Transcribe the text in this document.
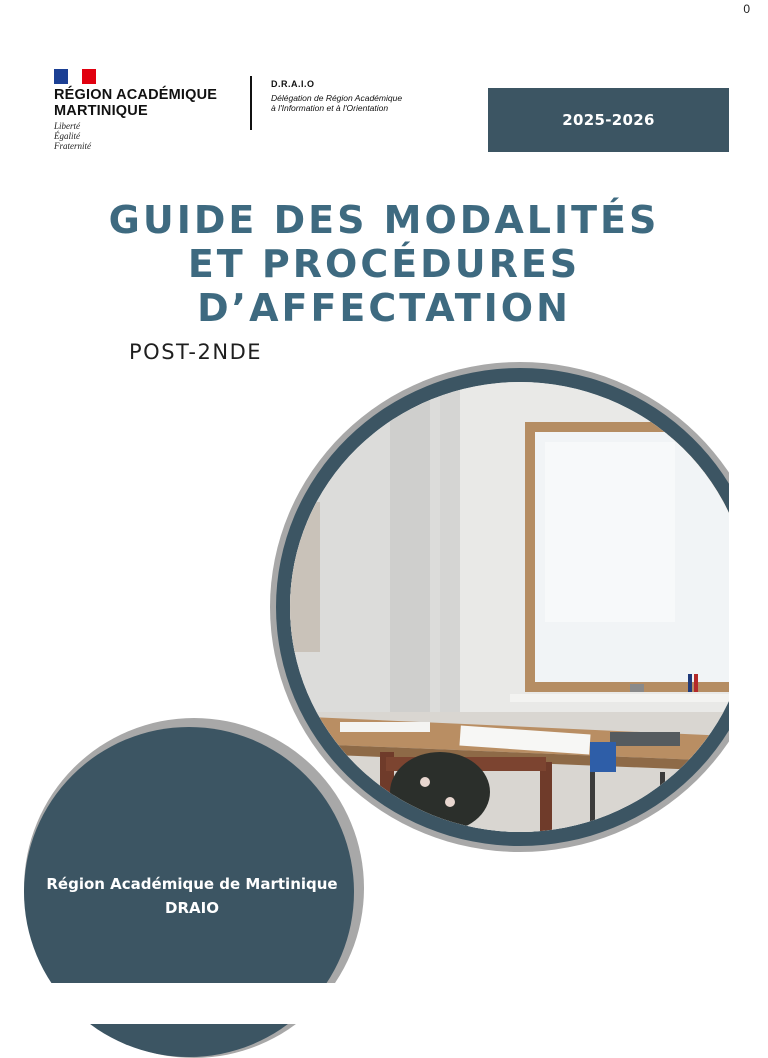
0
RÉGION ACADÉMIQUE
MARTINIQUE
Liberté
Égalité
Fraternité
D.R.A.I.O
Délégation de Région Académique
à l'Information et à l'Orientation
2025-2026
GUIDE DES MODALITÉS
ET PROCÉDURES
D’AFFECTATION
POST-2NDE
Région Académique de Martinique
DRAIO
